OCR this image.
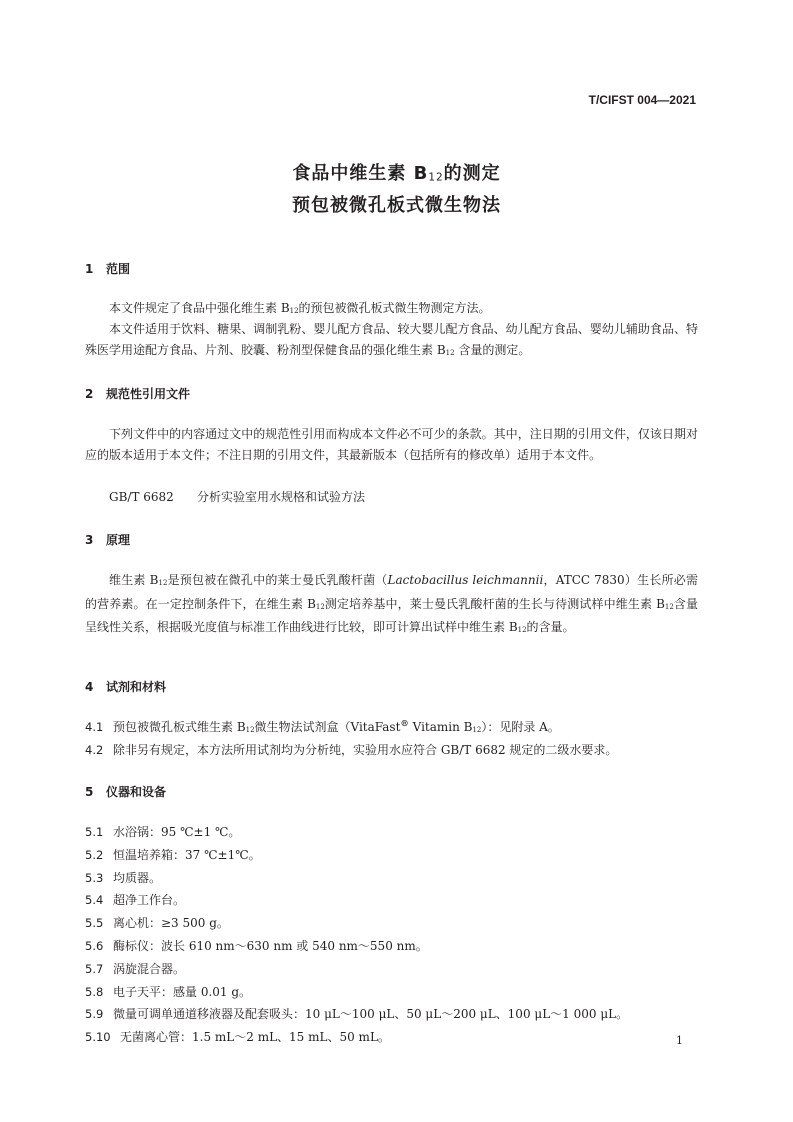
T/CIFST 004—2021
食品中维生素 B12的测定
预包被微孔板式微生物法
1 范围
本文件规定了食品中强化维生素 $B_{12}$的预包被微孔板式微生物测定方法。
本文件适用于饮料、糖果、调制乳粉、婴儿配方食品、较大婴儿配方食品、幼儿配方食品、婴幼儿辅助食品、特殊医学用途配方食品、片剂、胶囊、粉剂型保健食品的强化维生素 $B_{12}$ 含量的测定。
2 规范性引用文件
下列文件中的内容通过文中的规范性引用而构成本文件必不可少的条款。其中，注日期的引用文件，仅该日期对应的版本适用于本文件；不注日期的引用文件，其最新版本（包括所有的修改单）适用于本文件。
GB/T 6682 分析实验室用水规格和试验方法
3 原理
维生素 $B_{12}$是预包被在微孔中的莱士曼氏乳酸杆菌（Lactobacillus leichmannii，ATCC 7830）生长所必需的营养素。在一定控制条件下，在维生素 $B_{12}$测定培养基中，莱士曼氏乳酸杆菌的生长与待测试样中维生素 $B_{12}$含量呈线性关系，根据吸光度值与标准工作曲线进行比较，即可计算出试样中维生素 $B_{12}$的含量。
4 试剂和材料
4.1 预包被微孔板式维生素 $B_{12}$微生物法试剂盒（VitaFast® Vitamin $B_{12}$）：见附录 A。
4.2 除非另有规定，本方法所用试剂均为分析纯，实验用水应符合 GB/T 6682 规定的二级水要求。
5 仪器和设备
5.1 水浴锅：95 ℃±1 ℃。
5.2 恒温培养箱：37 ℃±1℃。
5.3 均质器。
5.4 超净工作台。
5.5 离心机：≥3 500 g。
5.6 酶标仪：波长 610 nm～630 nm 或 540 nm～550 nm。
5.7 涡旋混合器。
5.8 电子天平：感量 0.01 g。
5.9 微量可调单通道移液器及配套吸头：10 μL～100 μL、50 μL～200 μL、100 μL～1 000 μL。
5.10 无菌离心管：1.5 mL～2 mL、15 mL、50 mL。	1
